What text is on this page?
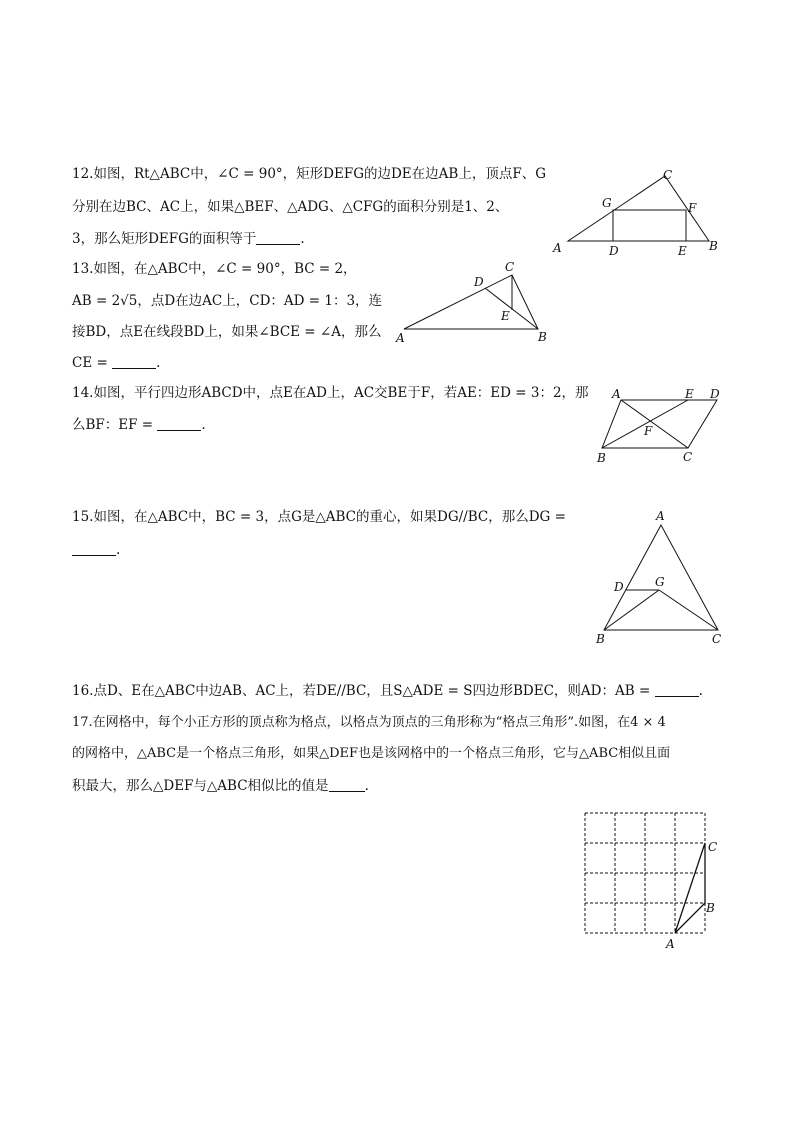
12.如图，Rt△ABC中，∠C = 90°，矩形DEFG的边DE在边AB上，顶点F、G
分别在边BC、AC上，如果△BEF、△ADG、△CFG的面积分别是1、2、
3，那么矩形DEFG的面积等于	.
A	B
C
D	E
F
G
13.如图，在△ABC中，∠C = 90°，BC = 2，
AB = 2√5，点D在边AC上，CD：AD = 1：3，连
接BD，点E在线段BD上，如果∠BCE = ∠A，那么
CE =	.
A	B
C
D
E
14.如图，平行四边形ABCD中，点E在AD上，AC交BE于F，若AE：ED = 3：2，那
么BF：EF =	.
A
B	C
D
E
F
15.如图，在△ABC中，BC = 3，点G是△ABC的重心，如果DG//BC，那么DG =
.
A
B	C
D	G
16.点D、E在△ABC中边AB、AC上，若DE//BC，且S△ADE = S四边形BDEC，则AD：AB =	.
17.在网格中，每个小正方形的顶点称为格点，以格点为顶点的三角形称为“格点三角形”.如图，在4 × 4
的网格中，△ABC是一个格点三角形，如果△DEF也是该网格中的一个格点三角形，它与△ABC相似且面
积最大，那么△DEF与△ABC相似比的值是	.
A
B
C
